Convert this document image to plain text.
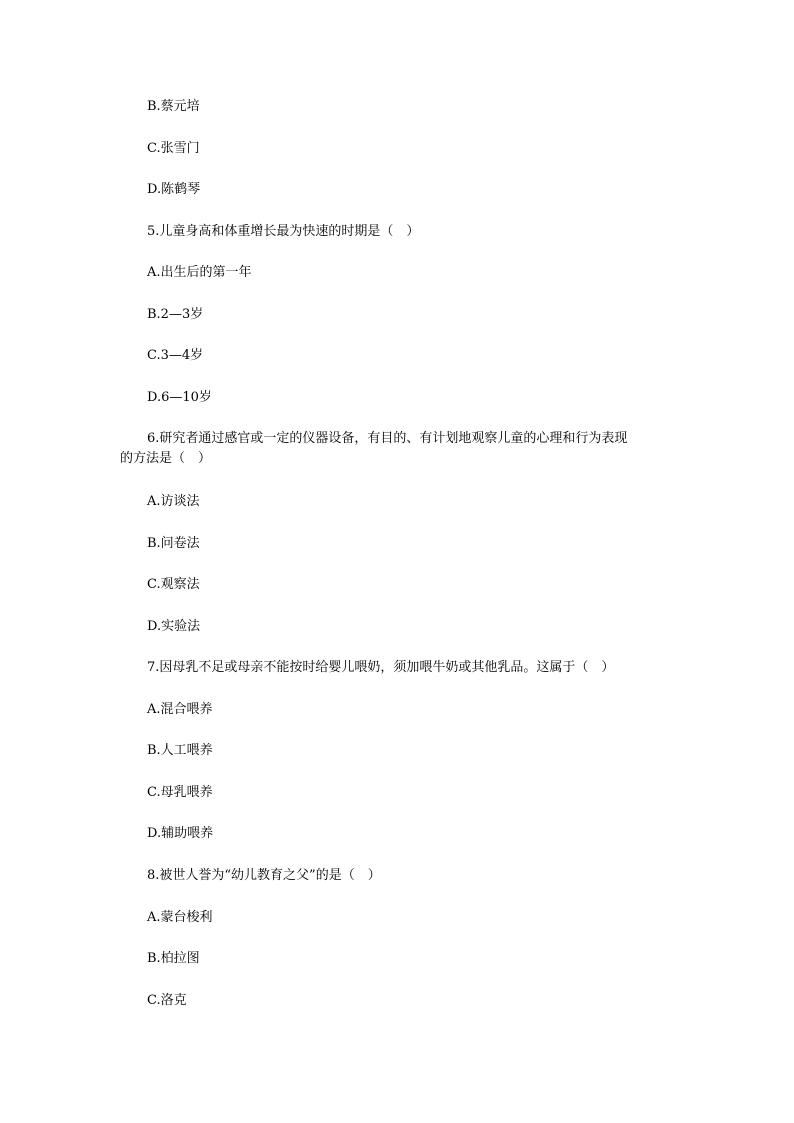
B.蔡元培
C.张雪门
D.陈鹤琴
5.儿童身高和体重增长最为快速的时期是（　）
A.出生后的第一年
B.2—3岁
C.3—4岁
D.6—10岁
6.研究者通过感官或一定的仪器设备，有目的、有计划地观察儿童的心理和行为表现
的方法是（　）
A.访谈法
B.问卷法
C.观察法
D.实验法
7.因母乳不足或母亲不能按时给婴儿喂奶，须加喂牛奶或其他乳品。这属于（　）
A.混合喂养
B.人工喂养
C.母乳喂养
D.辅助喂养
8.被世人誉为“幼儿教育之父”的是（　）
A.蒙台梭利
B.柏拉图
C.洛克
